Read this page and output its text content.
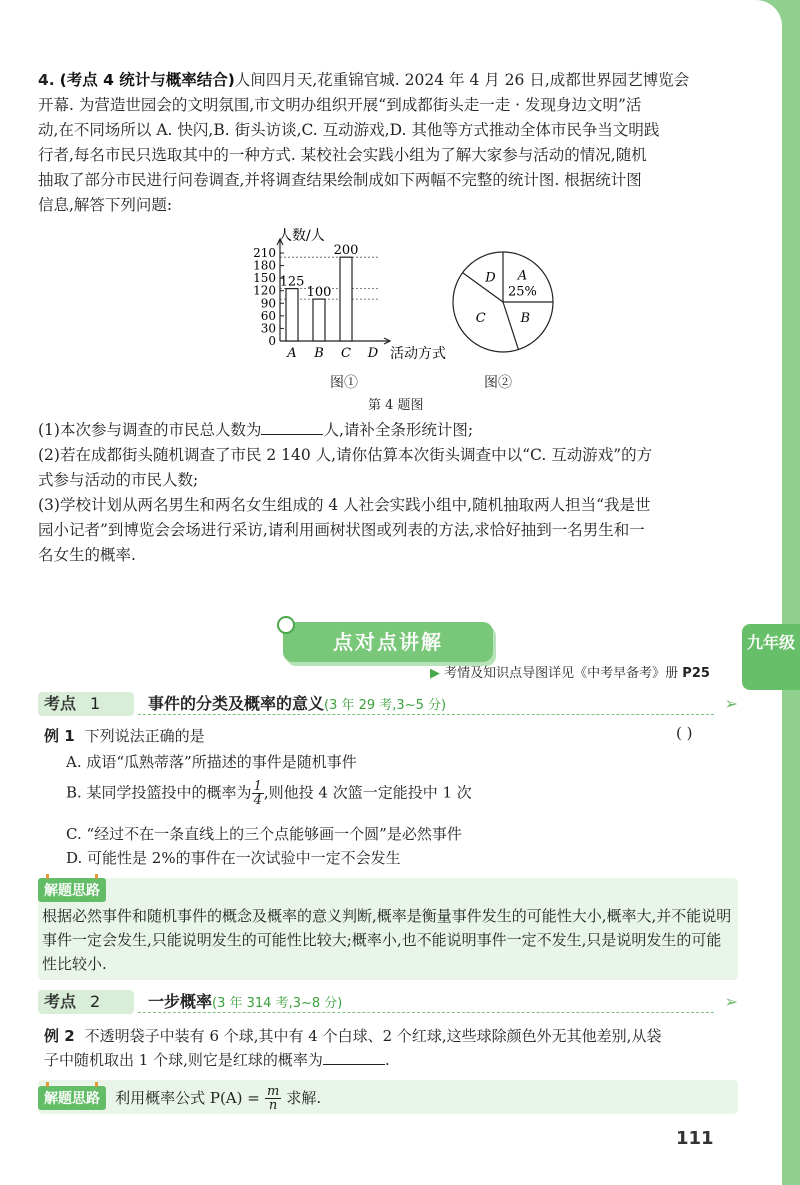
九年级

4. (考点 4 统计与概率结合)人间四月天,花重锦官城. 2024 年 4 月 26 日,成都世界园艺博览会

开幕. 为营造世园会的文明氛围,市文明办组织开展“到成都街头走一走 · 发现身边文明”活

动,在不同场所以 A. 快闪,B. 街头访谈,C. 互动游戏,D. 其他等方式推动全体市民争当文明践

行者,每名市民只选取其中的一种方式. 某校社会实践小组为了解大家参与活动的情况,随机

抽取了部分市民进行问卷调查,并将调查结果绘制成如下两幅不完整的统计图. 根据统计图

信息,解答下列问题:

0
30
60
90
120
150
180
210
125
A
100
B
200
C D
人数/人
活动方式
A
25%
B
C
D
图①	图②
第 4 题图

(1)本次参与调查的市民总人数为	人,请补全条形统计图;

(2)若在成都街头随机调查了市民 2 140 人,请你估算本次街头调查中以“C. 互动游戏”的方

式参与活动的市民人数;

(3)学校计划从两名男生和两名女生组成的 4 人社会实践小组中,随机抽取两人担当“我是世

园小记者”到博览会会场进行采访,请利用画树状图或列表的方法,求恰好抽到一名男生和一

名女生的概率.

点对点讲解
▶ 考情及知识点导图详见《中考早备考》册 P25
考点 1	事件的分类及概率的意义(3 年 29 考,3~5 分)	➢
例 1 下列说法正确的是	( )
A. 成语“瓜熟蒂落”所描述的事件是随机事件
B. 某同学投篮投中的概率为 $\frac{1}{4}$ ,则他投 4 次篮一定能投中 1 次
C. “经过不在一条直线上的三个点能够画一个圆”是必然事件
D. 可能性是 2%的事件在一次试验中一定不会发生
解题思路
根据必然事件和随机事件的概念及概率的意义判断,概率是衡量事件发生的可能性大小,概率大,并不能说明事件一定会发生,只能说明发生的可能性比较大;概率小,也不能说明事件一定不发生,只是说明发生的可能性比较小.
考点 2	一步概率(3 年 314 考,3~8 分)	➢
例 2 不透明袋子中装有 6 个球,其中有 4 个白球、2 个红球,这些球除颜色外无其他差别,从袋
子中随机取出 1 个球,则它是红球的概率为	.
解题思路 利用概率公式 $P(A) = \frac{m}{n}$ 求解.
111
